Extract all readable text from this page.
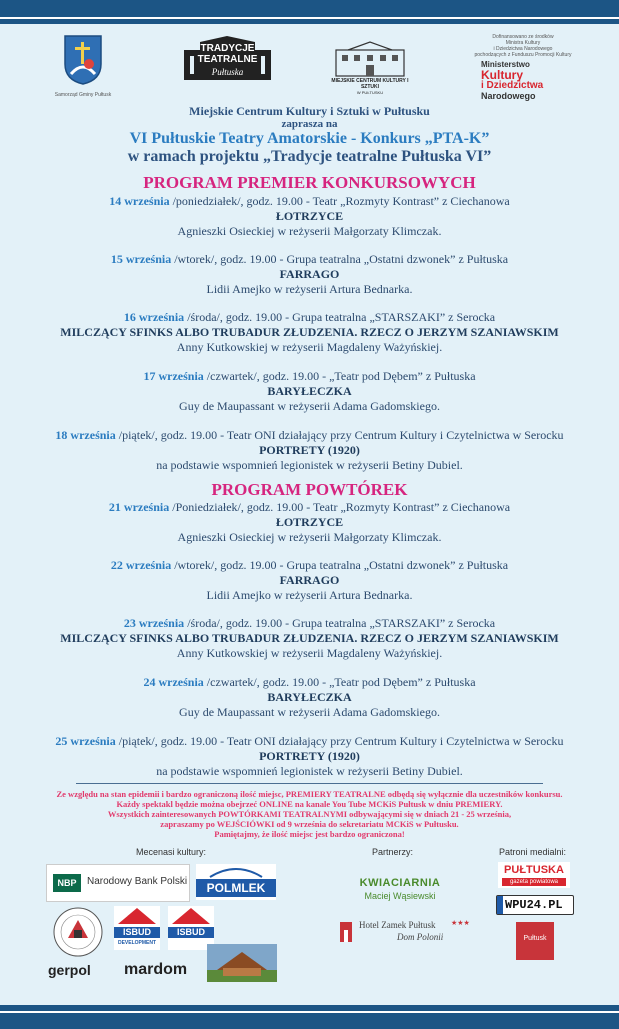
Samorząd Gminy Pułtusk
TRADYCJE
TEATRALNE
Pułtuska
MIEJSKIE CENTRUM KULTURY I SZTUKI
W PUŁTUSKU
Dofinansowano ze środków
Ministra Kultury
i Dziedzictwa Narodowego
pochodzących z Funduszu Promocji Kultury
Ministerstwo
Kultury
i Dziedzictwa
Narodowego
Miejskie Centrum Kultury i Sztuki w Pułtusku
zaprasza na
VI Pułtuskie Teatry Amatorskie - Konkurs „PTA-K”
w ramach projektu „Tradycje teatralne Pułtuska VI”
PROGRAM PREMIER KONKURSOWYCH
14 września /poniedziałek/, godz. 19.00 - Teatr „Rozmyty Kontrast” z Ciechanowa
ŁOTRZYCE
Agnieszki Osieckiej w reżyserii Małgorzaty Klimczak.
15 września /wtorek/, godz. 19.00 - Grupa teatralna „Ostatni dzwonek” z Pułtuska
FARRAGO
Lidii Amejko w reżyserii Artura Bednarka.
16 września /środa/, godz. 19.00 - Grupa teatralna „STARSZAKI” z Serocka
MILCZĄCY SFINKS ALBO TRUBADUR ZŁUDZENIA. RZECZ O JERZYM SZANIAWSKIM
Anny Kutkowskiej w reżyserii Magdaleny Ważyńskiej.
17 września /czwartek/, godz. 19.00 - „Teatr pod Dębem” z Pułtuska
BARYŁECZKA
Guy de Maupassant w reżyserii Adama Gadomskiego.
18 września /piątek/, godz. 19.00 - Teatr ONI działający przy Centrum Kultury i Czytelnictwa w Serocku
PORTRETY (1920)
na podstawie wspomnień legionistek w reżyserii Betiny Dubiel.
PROGRAM POWTÓREK
21 września /Poniedziałek/, godz. 19.00 - Teatr „Rozmyty Kontrast” z Ciechanowa
ŁOTRZYCE
Agnieszki Osieckiej w reżyserii Małgorzaty Klimczak.
22 września /wtorek/, godz. 19.00 - Grupa teatralna „Ostatni dzwonek” z Pułtuska
FARRAGO
Lidii Amejko w reżyserii Artura Bednarka.
23 września /środa/, godz. 19.00 - Grupa teatralna „STARSZAKI” z Serocka
MILCZĄCY SFINKS ALBO TRUBADUR ZŁUDZENIA. RZECZ O JERZYM SZANIAWSKIM
Anny Kutkowskiej w reżyserii Magdaleny Ważyńskiej.
24 września /czwartek/, godz. 19.00 - „Teatr pod Dębem” z Pułtuska
BARYŁECZKA
Guy de Maupassant w reżyserii Adama Gadomskiego.
25 września /piątek/, godz. 19.00 - Teatr ONI działający przy Centrum Kultury i Czytelnictwa w Serocku
PORTRETY (1920)
na podstawie wspomnień legionistek w reżyserii Betiny Dubiel.
Ze względu na stan epidemii i bardzo ograniczoną ilość miejsc, PREMIERY TEATRALNE odbędą się wyłącznie dla uczestników konkursu.
Każdy spektakl będzie można obejrzeć ONLINE na kanale You Tube MCKiS Pułtusk w dniu PREMIERY.
Wszystkich zainteresowanych POWTÓRKAMI TEATRALNYMI odbywającymi się w dniach 21 - 25 września,
zapraszamy po WEJŚCIÓWKI od 9 września do sekretariatu MCKiS w Pułtusku.
Pamiętajmy, że ilość miejsc jest bardzo ograniczona!
Mecenasi kultury:	Partnerzy:	Patroni medialni:
NBP	Narodowy Bank Polski	POLMLEK
ISBUD
DEVELOPMENT
ISBUD
gerpol mardom
KWIACIARNIA
Maciej Wąsiewski
Hotel Zamek Pułtusk ★★★
Dom Polonii
PUŁTUSKA
gazeta powiatowa
WPU24.PL
Pułtusk
